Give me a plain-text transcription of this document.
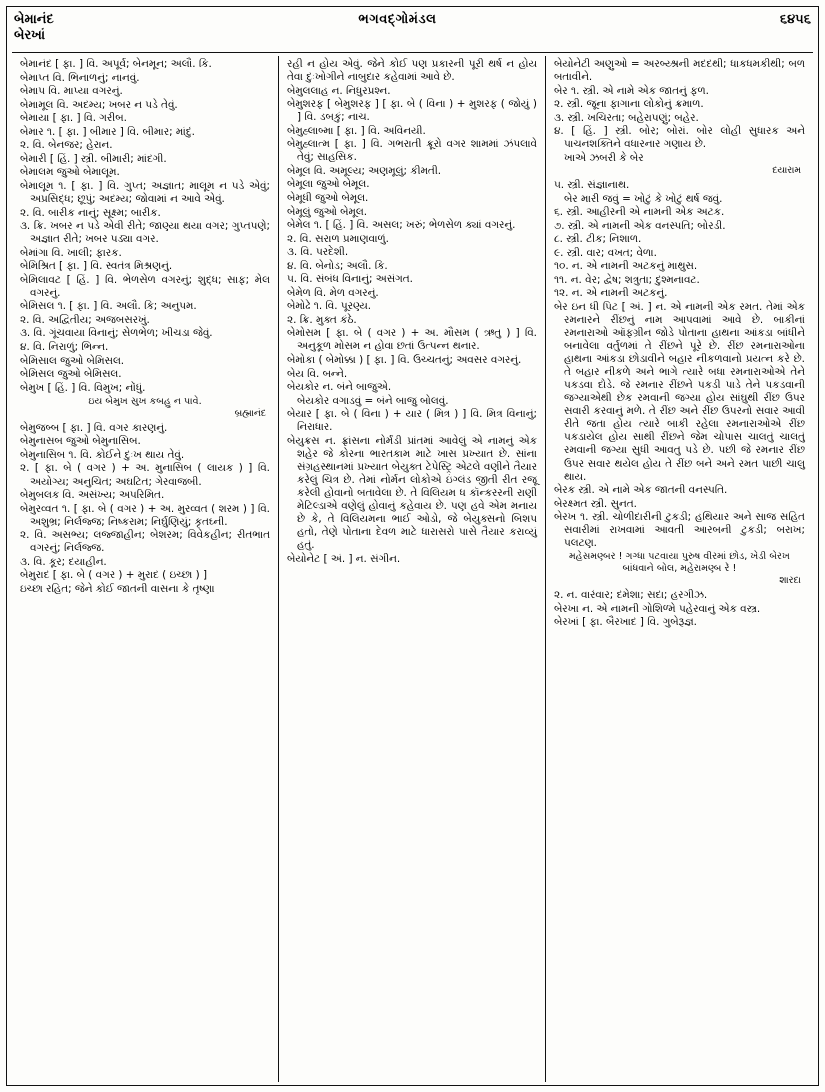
બેમાનંદ
બેરખાં
ભગવદ્ગોમંડલ	૬૪૫૬

બેમાનંદ [ ફા. ] વિ. અપૂર્વ; બેનમૂન; અલૌ. કિ.

બેમાપ્ત વિ. ભિનાળનું; નાનવું.

બેમાપ વિ. માપ્યા વગરનું.

બેમામૂલ વિ. અદમ્ય; ખબર ન પડે તેવું.

બેમાયા [ ફા. ] વિ. ગરીબ.

બેમાર ૧. [ ફા. ] બીમાર ] વિ. બીમાર; માંદું.

૨. વિ. બેનજર; હેરાન.

બેમારી [ હિં. ] સ્ત્રી. બીમારી; માંદગી.

બેમાલમ જુઓ બેમાલૂમ.

બેમાલૂમ ૧. [ ફા. ] વિ. ગુપ્ત; અજ્ઞાત; માલૂમ ન પડે એવું; અપ્રસિદ્ધ; છૂપું; અદમ્ય; જોવામાં ન આવે એવું.

૨. વિ. બારીક નાનું; સૂક્ષ્મ; બારીક.

૩. ક્રિ. ખબર ન પડે એવી રીતે; જાણ્યા થયા વગર; ગુપ્તપણે; અજ્ઞાત રીતે; ખબર પડ્યા વગર.

બેમાંગા વિ. ખાલી; ફારક.

બેમિશ્રિત [ ફા. ] વિ. સ્વતંત્ર મિશ્રણનું.

બેમિલાવટ [ હિં. ] વિ. ભેળસેળ વગરનું; શુદ્ધ; સાફ; મેલ વગરનું.

બેમિસલ ૧. [ ફા. ] વિ. અલૌ. કિ; અનુપમ.

૨. વિ. અદ્વિતીય; અજબસરખું.

૩. વિ. ગૂંચવાયા વિનાનું; સેળભેળ; ખીચડા જેવું.

૪. વિ. નિરાળું; ભિન્ન.

બેમિસાલ જુઓ બેમિસલ.

બેમિસલ જુઓ બેમિસલ.

બેમુખ [ હિં. ] વિ. વિમુખ; નોંધું.

ઇય બેમુખ સુખ કબહુ ન પાવે.

બ્રહ્માનંદ

બેમુજબ્બ [ ફા. ] વિ. વગર કારણનું.

બેમુનાસબ જુઓ બેમુનાસિબ.

બેમુનાસિબ ૧. વિ. કોઈને દુઃખ થાય તેવું.

૨. [ ફા. બે ( વગર ) + અ. મુનાસિબ ( લાયક ) ] વિ. અયોગ્ય; અનુચિત; અઘટિત; ગેરવાજબી.

બેમુબલક વિ. અસંખ્ય; અપરિમિત.

બેમુરવ્વત ૧. [ ફા. બે ( વગર ) + અ. મુરવ્વત ( શરમ ) ] વિ. અશુભ્ર; નિર્લજ્જ; નિષ્કરામ; નિર્ઘુણિયું; કૃતઘ્ની.

૨. વિ. અસભ્ય; લજ્જાહીન; બેશરમ; વિવેકહીન; રીતભાત વગરનું; નિર્લજ્જ.

૩. વિ. કૂર; દયાહીન.

બેમુરાદ [ ફા. બે ( વગર ) + મુરાદ ( ઇચ્છા ) ]

ઇચ્છા રહિત; જેને કોઈ જાતની વાસના કે તૃષ્ણા

રહી ન હોય એવું. જેને કોઈ પણ પ્રકારની પૂરી થર્ષ ન હોય તેવા દુઃખોગીને નાબુદાર કહેવામાં આવે છે.

બેમુલલાહ ન. નિધુરપ્રશ્ન.

બેમુશરફ [ બેમુશરફ ] [ ફા. બે ( વિના ) + મુશરફ ( જોયું ) ] વિ. ડબકું; નાચ.

બેમુહ્લાબ્મા [ ફા. ] વિ. અવિનયી.

બેમુહ્લાત્મ [ ફા. ] વિ. ગભરાતી ક્રૂરો વગર શામમાં ઝંપલાવે તેવું; સાહસિક.

બેમૂલ વિ. અમૂલ્ય; અણમૂલું; કીમતી.

બેમૂલા જુઓ બેમૂલ.

બેમૂધી જુઓ બેમૂલ.

બેમૂલું જુઓ બેમૂલ.

બેમેલ ૧. [ હિં. ] વિ. અસલ; ખરું; ભેળસેળ ક્યાં વગરનું.

૨. વિ. સરાળ પ્રમાણવાળું.

૩. વિ. પરદેશી.

૪. વિ. બેનોડ; અલૌ. કિ.

૫. વિ. સંબંધ વિનાનું; અસંગત.

બેમેળ વિ. મેળ વગરનું.

બેમોઢે ૧. વિ. પૂરણ્ય.

૨. ક્રિ. મુક્ત કંઠે.

બેમોસમ [ ફા. બે ( વગર ) + અ. મૌસમ ( ઋતુ ) ] વિ. અનુકૂળ મોસમ ન હોવા છતાં ઉત્પન્ન થનાર.

બેમોકા ( બેમોક્કા ) [ ફા. ] વિ. ઉચ્ચતનું; અવસર વગરનું.

બેય વિ. બન્ને.

બેયકોર ન. બંને બાજુએ.

બેયકોર વગાડવું = બંને બાજુ બોલવું.

બેયાર [ ફા. બે ( વિના ) + યાર ( મિત્ર ) ] વિ. મિત્ર વિનાનું; નિરાધાર.

બેયુક્રસ ન. ફ્રાંસના નોર્મંડી પ્રાંતમાં આવેલું એ નામનું એક શહેર જે કોરના ભારતકામ માટે ખાસ પ્રખ્યાત છે. સાંના સંગ્રહસ્થાનમાં પ્રખ્યાત બેયુક્ત ટેપેસ્ટ્રિ એટલે વણીને તૈયાર કરેલું ચિત્ર છે. તેમાં નોર્મન લોકોએ ઇંગ્લંડ જીતી રીત રજૂ કરેલી હોવાનો બતાવેલા છે. તે વિલિયમ ધ કૉન્કરરની રાણી મેટિલ્ડાએ વણેલું હોવાનું કહેવાય છે. પણ હવે એમ મનાય છે કે, તે વિલિયમના ભાઈ ઓડો, જે બેયુક્સનો બિશપ હતો, તેણે પોતાના દેવળ માટે ધારાસરો પાસે તૈયાર કરાવ્યું હતું.

બેયોનેટ [ અં. ] ન. સંગીન.

બેયોનેટી અણુઓ = અરબ્ય્શ્રની મદદથી; ધાકધમકીથી; બળ બતાવીને.

બેર ૧. સ્ત્રી. એ નામે એક જાતનું ફળ.

૨. સ્ત્રી. જૂના ફાગાના લોકોનું ક્રમાળ.

૩. સ્ત્રી. ખચિરતા; બહેરાપણું; બહેર.

૪. [ હિં. ] સ્ત્રી. બોર; બોરાં. બોર લોહી સુધારક અને પાચનશક્તિને વધારનાર ગણાય છે.

ખાએ ઝબરી કે બેર

દયારામ

૫. સ્ત્રી. સંજ્ઞાનાથ.

બેર મારી જવું = ખોટું કે ખોટું થર્ષ જવું.

૬. સ્ત્રી. આહીરની એ નામની એક અટક.

૭. સ્ત્રી. એ નામની એક વનસ્પતિ; બોરડી.

૮. સ્ત્રી. ટીક; નિશાળ.

૯. સ્ત્રી. વાર; વખત; વેળા.

૧૦. ન. એ નામની અટકનું માથુસ.

૧૧. ન. વેર; દ્વેષ; શત્રુતા; દુશ્મનાવટ.

૧૨. ન. એ નામની અટકનું.

બેર ઇન ધી પિટ [ અં. ] ન. એ નામની એક રમત. તેમાં એક રમનારને રીંછનું નામ આપવામાં આવે છે. બાકીનાં રમનારાઓ ઑફગ્રીન જોડે પોતાના હાથના આંકડા બાંધીને બનાવેલા વર્તુળમાં તે રીંછને પૂરે છે. રીંછ રમનારાઓના હાથના આંકડા છોડાવીને બહાર નીકળવાનો પ્રયત્ન કરે છે. તે બહાર નીકળે અને ભાગે ત્યારે બધા રમનારાઓએ તેને પકડવા દોડે. જે રમનાર રીંછને પકડી પાડે તેને પકડવાની જગ્યાએથી છેક રમવાની જગ્યા હોય સાંઘુથી રીંછ ઉપર સવારી કરવાનું મળે. તે રીંછ અને રીંછ ઉપરનો સવાર આવી રીતે જતા હોય ત્યારે બાકી રહેલા રમનારાઓએ રીંછ પકડાયેલ હોય સાથી રીંછને જેમ ચોપાસ ચાલતું ચાલતું રમવાની જગ્યા સુધી આવતુ પડે છે. પછી જે રમનાર રીંછ ઉપર સવાર થયેલ હોય તે રીંછ બને અને રમત પાછી ચાલુ થાય.

બેરક સ્ત્રી. એ નામે એક જાતની વનસ્પતિ.

બેરક્ષ્મત સ્ત્રી. સુનત.

બેરખ ૧. સ્ત્રી. ચોળીદારીની ટુકડી; હથિયાર અને સાજ સહિત સવારીમાં રાખવામાં આવતી આરબની ટુકડી; બરાખ; પલટણ.

મહેસમણ્બર ! ગગ્ધા પટવાયા પુરુષ વીરમાં છોડ, ખેડી બેરખ બાંધવાને બોલ, મહેરામણ્બ રે !

શારદા

૨. ન. વારંવાર; દમેશા; સદા; હરગીઝ.

બેરખા ન. એ નામની ગોશિળ્મે પહેરવાનું એક વસ્ત્ર.

બેરખાં [ ફા. બૈરખાદ ] વિ. ગુબેરૂજ્ઞ.
